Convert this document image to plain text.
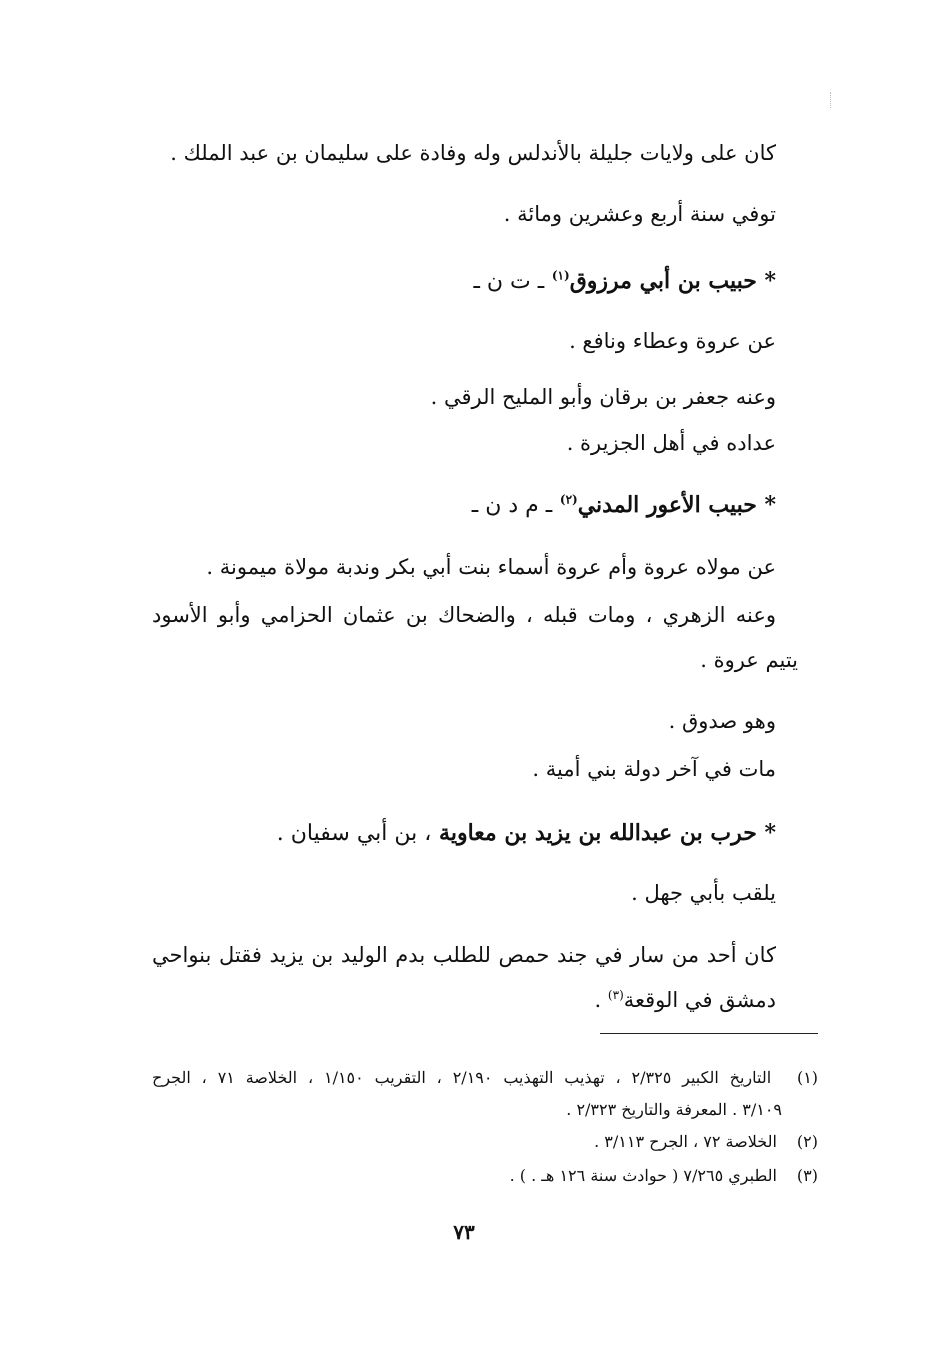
كان على ولايات جليلة بالأندلس وله وفادة على سليمان بن عبد الملك .
توفي سنة أربع وعشرين ومائة .
* حبيب بن أبي مرزوق$^{(١)}$ ـ ت ن ـ
عن عروة وعطاء ونافع .
وعنه جعفر بن برقان وأبو المليح الرقي .
عداده في أهل الجزيرة .
* حبيب الأعور المدني$^{(٢)}$ ـ م د ن ـ
عن مولاه عروة وأم عروة أسماء بنت أبي بكر وندبة مولاة ميمونة .
وعنه الزهري ، ومات قبله ، والضحاك بن عثمان الحزامي وأبو الأسود
يتيم عروة .
وهو صدوق .
مات في آخر دولة بني أمية .
* حرب بن عبدالله بن يزيد بن معاوية ، بن أبي سفيان .
يلقب بأبي جهل .
كان أحد من سار في جند حمص للطلب بدم الوليد بن يزيد فقتل بنواحي
دمشق في الوقعة$^{(٣)}$ .
(١) التاريخ الكبير ٢/٣٢٥ ، تهذيب التهذيب ٢/١٩٠ ، التقريب ١/١٥٠ ، الخلاصة ٧١ ، الجرح
٣/١٠٩ . المعرفة والتاريخ ٢/٣٢٣ .
(٢) الخلاصة ٧٢ ، الجرح ٣/١١٣ .
(٣) الطبري ٧/٢٦٥ ( حوادث سنة ١٢٦ هـ . ) .
٧٣
